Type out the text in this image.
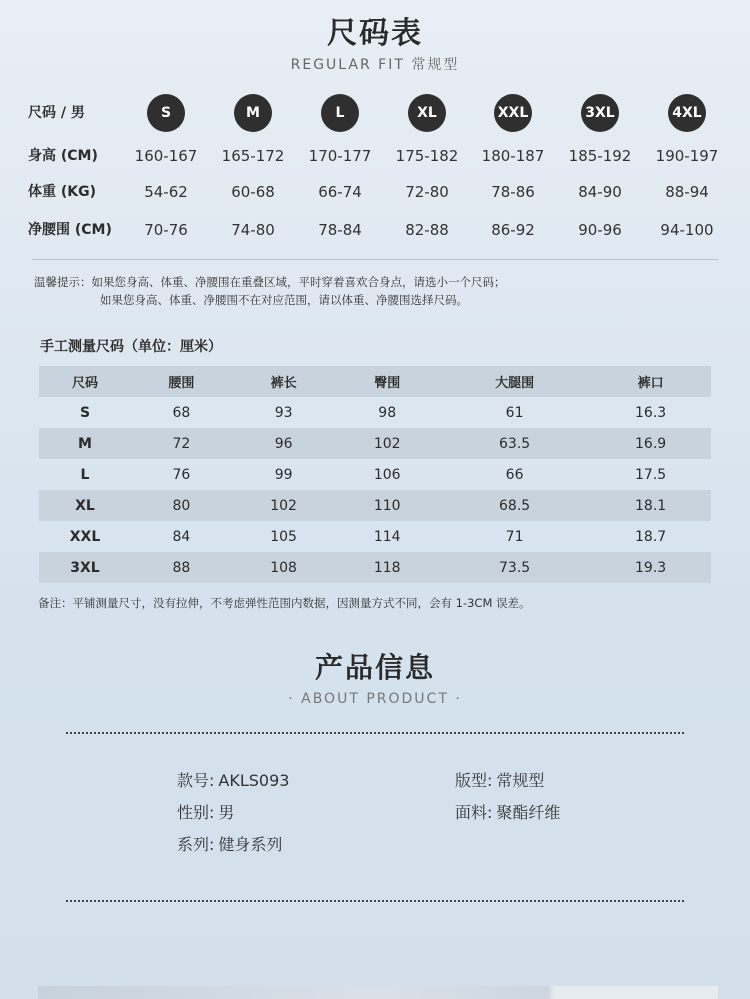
尺码表
REGULAR FIT 常规型
尺码 / 男	S	M	L	XL	XXL	3XL	4XL
身高 (CM)	160-167	165-172	170-177	175-182	180-187	185-192	190-197
体重 (KG)	54-62	60-68	66-74	72-80	78-86	84-90	88-94
净腰围 (CM)	70-76	74-80	78-84	82-88	86-92	90-96	94-100
温馨提示：如果您身高、体重、净腰围在重叠区域，平时穿着喜欢合身点，请选小一个尺码；
如果您身高、体重、净腰围不在对应范围，请以体重、净腰围选择尺码。
手工测量尺码（单位：厘米）
尺码	腰围	裤长	臀围	大腿围	裤口
S	68	93	98	61	16.3
M	72	96	102	63.5	16.9
L	76	99	106	66	17.5
XL	80	102	110	68.5	18.1
XXL	84	105	114	71	18.7
3XL	88	108	118	73.5	19.3
备注：平铺测量尺寸，没有拉伸，不考虑弹性范围内数据，因测量方式不同，会有 1-3CM 误差。
产品信息
· ABOUT PRODUCT ·
款号: AKLS093	版型: 常规型
性别: 男	面料: 聚酯纤维
系列: 健身系列
